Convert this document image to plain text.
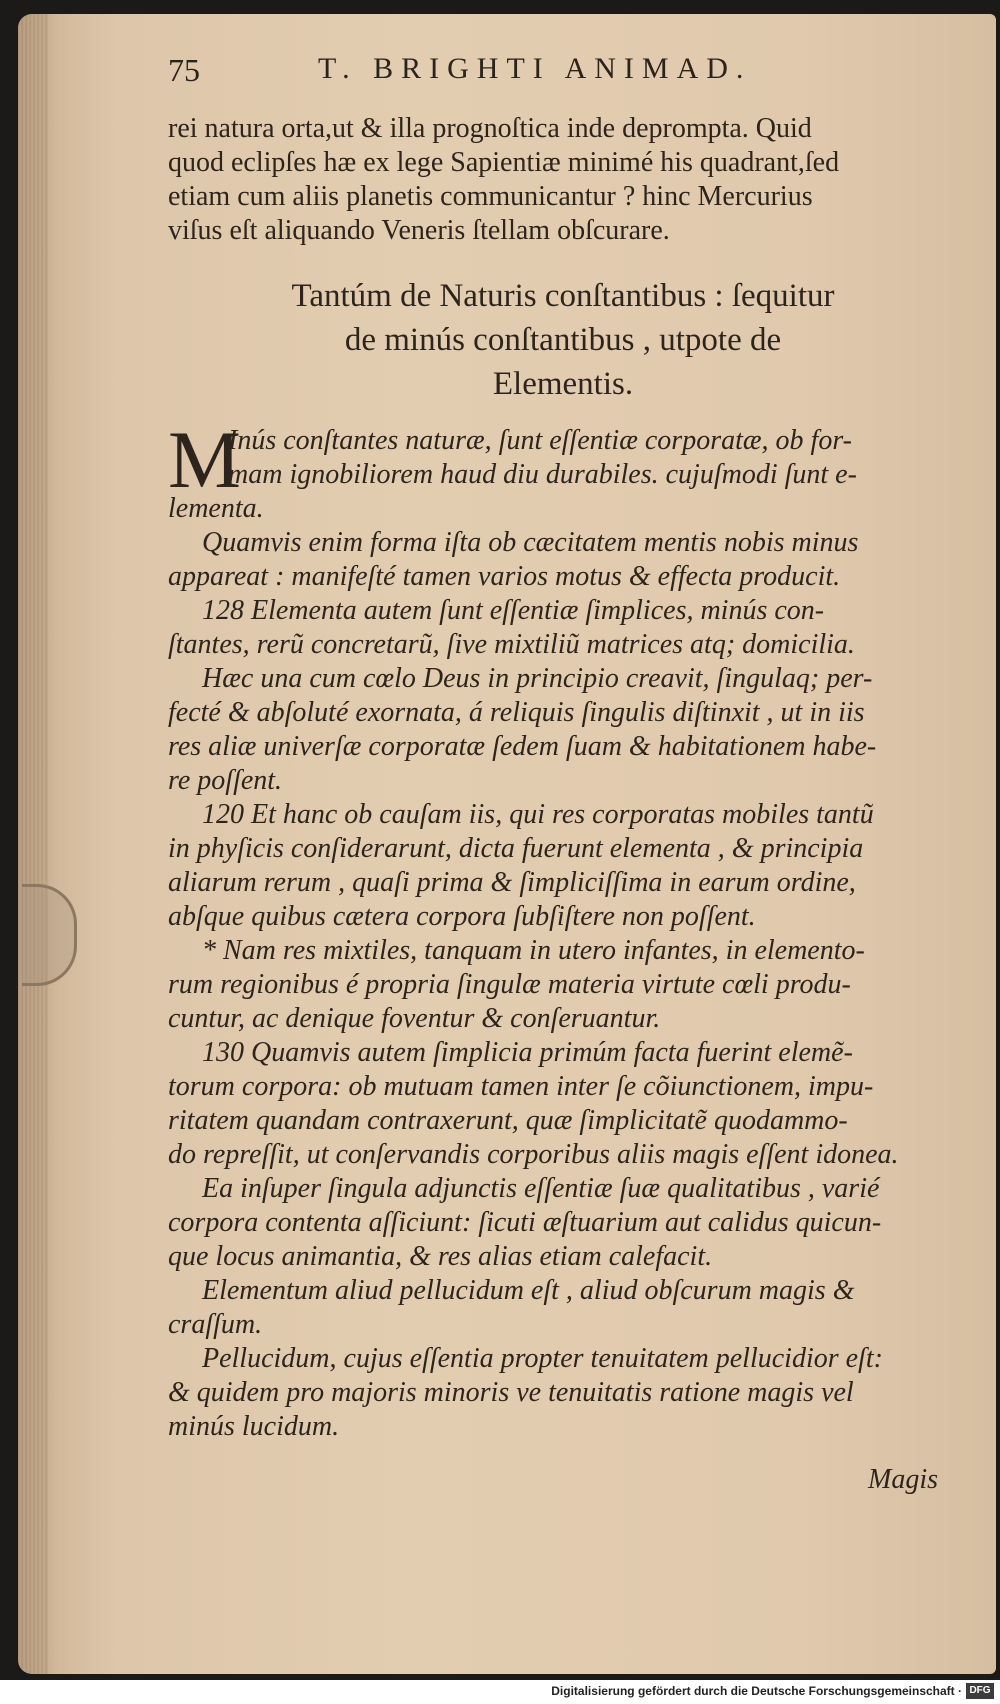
75	T. BRIGHTI ANIMAD.
rei natura orta,ut & illa prognoſtica inde deprompta. Quid
quod eclipſes hæ ex lege Sapientiæ minimé his quadrant,ſed
etiam cum aliis planetis communicantur ? hinc Mercurius
viſus eſt aliquando Veneris ſtellam obſcurare.
Tantúm de Naturis conſtantibus : ſequitur
de minús conſtantibus , utpote de
Elementis.
M
Inús conſtantes naturæ, ſunt eſſentiæ corporatæ, ob for-
mam ignobiliorem haud diu durabiles. cujuſmodi ſunt e-
lementa.
Quamvis enim forma iſta ob cæcitatem mentis nobis minus
appareat : manifeſté tamen varios motus & effecta producit.
128 Elementa autem ſunt eſſentiæ ſimplices, minús con-
ſtantes, rerũ concretarũ, ſive mixtiliũ matrices atq; domicilia.
Hæc una cum cœlo Deus in principio creavit, ſingulaq; per-
fecté & abſoluté exornata, á reliquis ſingulis diſtinxit , ut in iis
res aliæ univerſæ corporatæ ſedem ſuam & habitationem habe-
re poſſent.
120 Et hanc ob cauſam iis, qui res corporatas mobiles tantũ
in phyſicis conſiderarunt, dicta fuerunt elementa , & principia
aliarum rerum , quaſi prima & ſimpliciſſima in earum ordine,
abſque quibus cætera corpora ſubſiſtere non poſſent.
* Nam res mixtiles, tanquam in utero infantes, in elemento-
rum regionibus é propria ſingulæ materia virtute cœli produ-
cuntur, ac denique foventur & conſeruantur.
130 Quamvis autem ſimplicia primúm facta fuerint elemẽ-
torum corpora: ob mutuam tamen inter ſe cõiunctionem, impu-
ritatem quandam contraxerunt, quæ ſimplicitatẽ quodammo-
do repreſſit, ut conſervandis corporibus aliis magis eſſent idonea.
Ea inſuper ſingula adjunctis eſſentiæ ſuæ qualitatibus , varié
corpora contenta aſſiciunt: ſicuti æſtuarium aut calidus quicun-
que locus animantia, & res alias etiam calefacit.
Elementum aliud pellucidum eſt , aliud obſcurum magis &
craſſum.
Pellucidum, cujus eſſentia propter tenuitatem pellucidior eſt:
& quidem pro majoris minoris ve tenuitatis ratione magis vel
minús lucidum.
Magis
Digitalisierung gefördert durch die Deutsche Forschungsgemeinschaft · DFG
